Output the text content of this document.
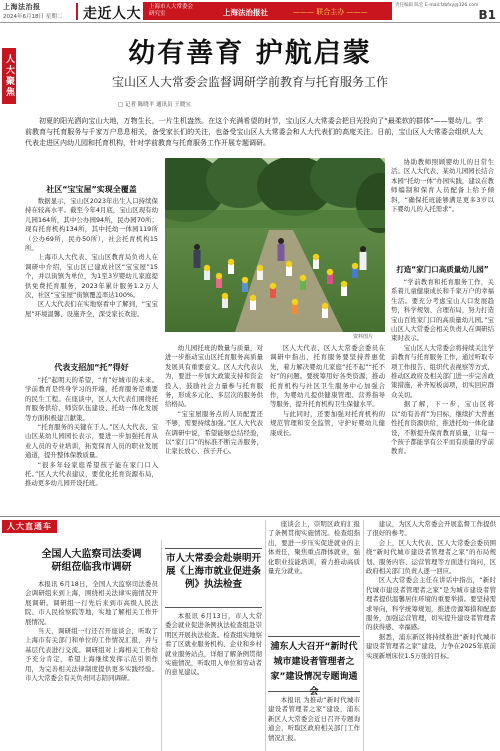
上海法治报
2024年6月18日 星期二 走近人大 上海市人大常委会
研究室	上海法治报社	——— 联合主办 ———
责任编辑 陈宏 E-mail:fzbfxy@126.com
B1
人大聚焦
幼有善育 护航启蒙
宝山区人大常委会监督调研学前教育与托育服务工作
□ 记者 陈晓平 通讯员 王晓宝

初夏的阳光洒向宝山大地，万物生长，一片生机盎然。在这个充满希望的时节，宝山区人大常委会把目光投向了“最柔软的群体”——婴幼儿。学前教育与托育服务与千家万户息息相关，备受家长们的关注，也备受宝山区人大常委会和人大代表们的高度关注。日前，宝山区人大常委会组织人大代表走进区内幼儿园和托育机构，针对学前教育与托育服务工作开展专题调研。

社区“宝宝屋”实现全覆盖

数据显示，宝山区2023年出生人口持续保持在较高水平。截至今年4月底，宝山区现有幼儿园164所，其中公办园94所，民办园70所；现有托育机构134所，其中托幼一体园119所（公办69所，民办50所），社会托育机构15所。

上海市人大代表、宝山区教育局负责人在调研中介绍，宝山区已建成社区“宝宝屋”15个，并以街镇为单位，为1至3岁婴幼儿家庭提供免费托育服务，2023年累计服务1.2万人次，社区“宝宝屋”街镇覆盖率达100%。

区人大代表们在实地察看中了解到，“宝宝屋”环境温馨、设施齐全，深受家长欢迎。

代表支招加“托”得好

“托”起明天的希望，“育”好城市的未来。学前教育是终身学习的开端，托育服务是重要的民生工程。在座谈中，区人大代表们围绕托育服务供给、师资队伍建设、托幼一体化发展等方面积极建言献策。

“托育服务的关键在于人。”区人大代表、宝山区某幼儿园园长表示，要进一步加强托育从业人员的专业培训，拓宽保育人员的职业发展通道，提升整体保教质量。

“很多年轻家庭希望孩子能在家门口入托。”区人大代表建议，要优化托育资源布局，推动更多幼儿园开设托班。

资料图片

幼儿园托班的数量与质量，对进一步推动宝山区托育服务高质量发展具有重要意义。区人大代表认为，要进一步加大政策支持和资金投入，鼓励社会力量参与托育服务，形成多元化、多层次的服务供给格局。

“宝宝屋服务点的人员配置还不够，需要持续加强。”区人大代表在调研中说，希望能够总结经验，以“家门口”的标准不断完善服务，让家长放心、孩子开心。

区人大代表、区人大常委会委员在调研中指出，托育服务要坚持普惠优先，着力解决婴幼儿家庭“托不起”“托不好”的问题。要统筹用好各类资源，推动托育机构与社区卫生服务中心加强合作，为婴幼儿提供健康管理、营养指导等服务，提升托育机构卫生保健水平。

与此同时，还要加强对托育机构的规范管理和安全监管，守护好婴幼儿健康成长。

协助教师照顾婴幼儿的日常生活。区人大代表、某幼儿园园长结合本园“托幼一体”办园实践，建议在教师编制和保育人员配备上给予倾斜，“确保托班能够满足更多3岁以下婴幼儿的入托需求”。

打造“家门口高质量幼儿园”

“学前教育和托育服务工作，关系着儿童健康成长和千家万户的幸福生活。要充分考虑宝山人口发展趋势，科学规划、合理布局，努力打造宝山百姓家门口的高质量幼儿园。”宝山区人大常委会相关负责人在调研结束时表示。

宝山区人大常委会将持续关注学前教育与托育服务工作，通过听取专项工作报告、组织代表视察等方式，推动区政府及相关部门进一步完善政策措施，补齐短板弱项，切实回应群众关切。

据了解，下一步，宝山区将以“幼有善育”为目标，继续扩大普惠性托育资源供给，推进托幼一体化建设，不断提升保育教育质量，让每一个孩子都能享有公平而有质量的学前教育。

人大直通车
全国人大监察司法委调研组莅临我市调研

本报讯 6月18日，全国人大监察司法委员会调研组来到上海，围绕相关法律实施情况开展调研。调研组一行先后来到市高级人民法院、市人民检察院等地，实地了解相关工作开展情况。

当天，调研组一行还召开座谈会，听取了上海市有关部门和单位的工作情况汇报，并与基层代表进行交流。调研组对上海相关工作给予充分肯定，希望上海继续发挥示范引领作用，为完善相关法律制度提供更多实践经验。市人大常委会有关负责同志陪同调研。

市人大常委会赴崇明开展《上海市就业促进条例》执法检查

本报讯 6月13日，市人大常委会就业促进条例执法检查组赴崇明区开展执法检查。检查组实地察看了区就业服务机构、企业和乡村就业服务站点，详细了解条例贯彻实施情况，听取用人单位和劳动者的意见建议。

座谈会上，崇明区政府汇报了条例贯彻实施情况。检查组指出，要进一步压实促进就业的主体责任，聚焦重点群体就业，强化职业技能培训，着力推动高质量充分就业。

浦东人大召开“新时代城市建设者管理者之家”建设情况专题询通会

本报讯 为推动“新时代城市建设者管理者之家”建设，浦东新区人大常委会近日召开专题询通会，听取区政府相关部门工作情况汇报。

建议，为区人大常委会开展监督工作提供了很好的参考。

会上，区人大代表、区人大常委会委员围绕“新时代城市建设者管理者之家”的布局规划、服务内容、运营管理等方面进行询问，区政府相关部门负责人逐一回应。

区人大常委会主任在讲话中指出，“新时代城市建设者管理者之家”是为城市建设者管理者提供温馨居住环境的重要举措。要坚持需求导向，科学统筹规划，推进房源筹措和配套服务，加强运营管理，切实提升建设者管理者的获得感、幸福感。

据悉，浦东新区将持续推进“新时代城市建设者管理者之家”建设，力争在2025年底前实现新增床位1.5万张的目标。
